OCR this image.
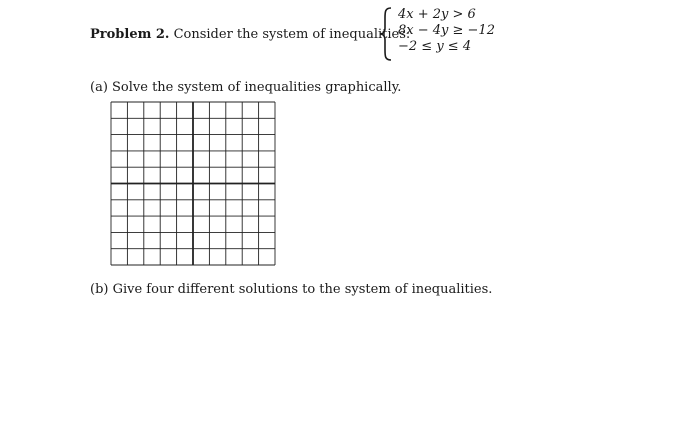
Problem 2. Consider the system of inequalities:
4x + 2y > 6
8x − 4y ≥ −12
−2 ≤ y ≤ 4
(a) Solve the system of inequalities graphically.
(b) Give four different solutions to the system of inequalities.
